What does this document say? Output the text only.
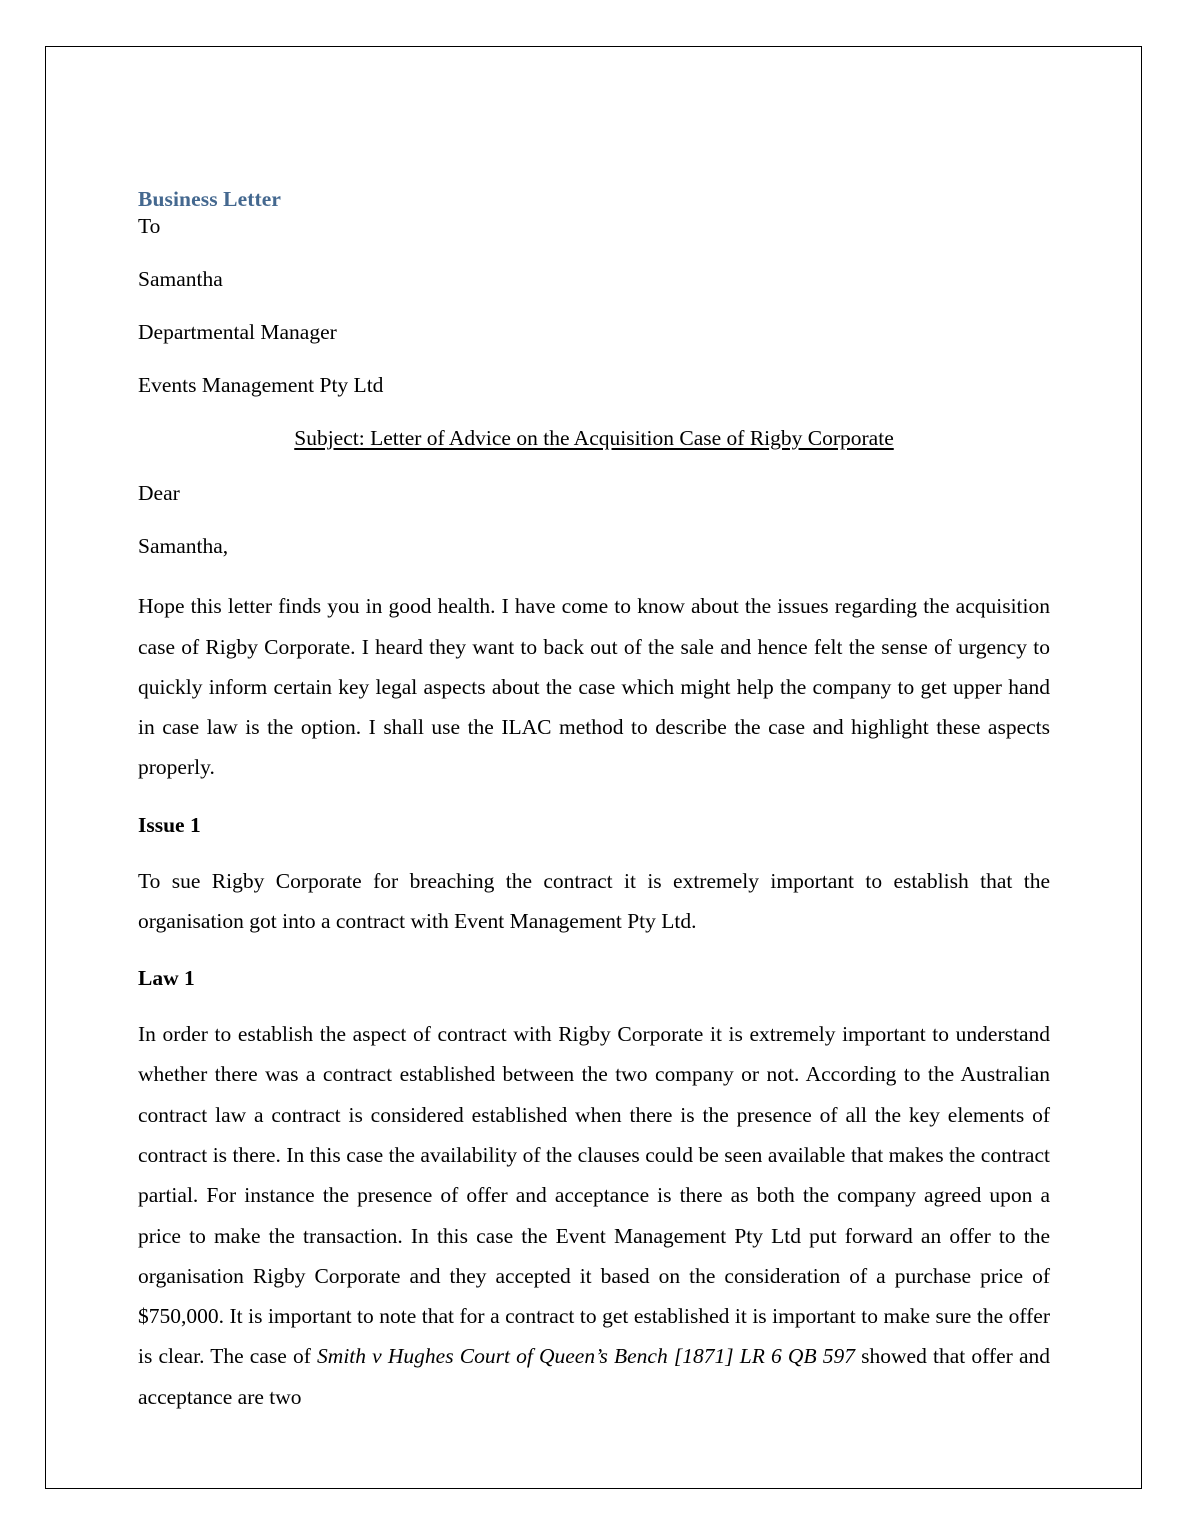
Business Letter

To

Samantha

Departmental Manager

Events Management Pty Ltd

Subject: Letter of Advice on the Acquisition Case of Rigby Corporate

Dear

Samantha,

Hope this letter finds you in good health. I have come to know about the issues regarding the acquisition case of Rigby Corporate. I heard they want to back out of the sale and hence felt the sense of urgency to quickly inform certain key legal aspects about the case which might help the company to get upper hand in case law is the option. I shall use the ILAC method to describe the case and highlight these aspects properly.

Issue 1

To sue Rigby Corporate for breaching the contract it is extremely important to establish that the organisation got into a contract with Event Management Pty Ltd.

Law 1

In order to establish the aspect of contract with Rigby Corporate it is extremely important to understand whether there was a contract established between the two company or not. According to the Australian contract law a contract is considered established when there is the presence of all the key elements of contract is there. In this case the availability of the clauses could be seen available that makes the contract partial. For instance the presence of offer and acceptance is there as both the company agreed upon a price to make the transaction. In this case the Event Management Pty Ltd put forward an offer to the organisation Rigby Corporate and they accepted it based on the consideration of a purchase price of $750,000. It is important to note that for a contract to get established it is important to make sure the offer is clear. The case of Smith v Hughes Court of Queen’s Bench [1871] LR 6 QB 597 showed that offer and acceptance are two
